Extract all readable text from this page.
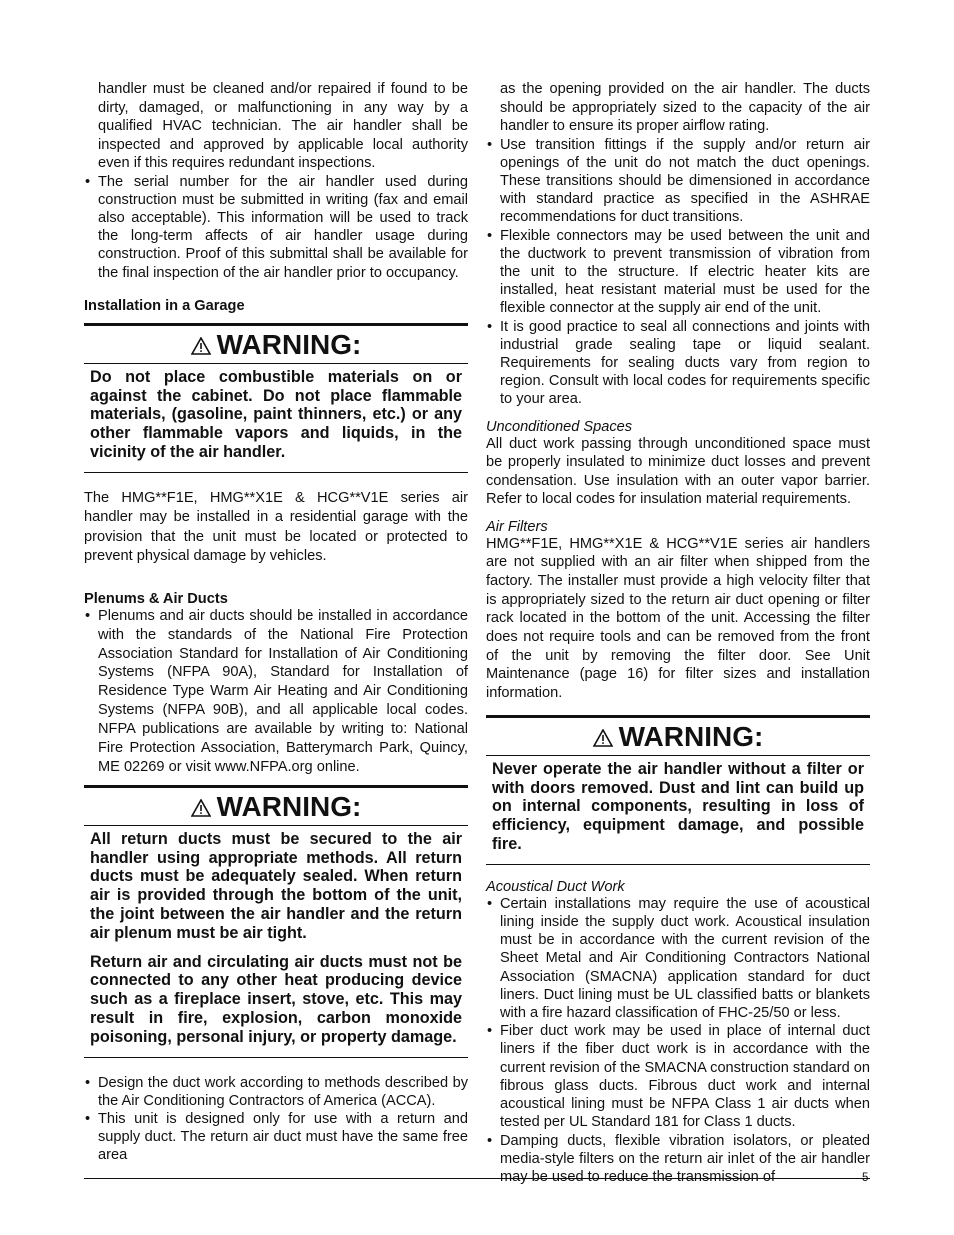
handler must be cleaned and/or repaired if found to be dirty, damaged, or malfunctioning in any way by a qualified HVAC technician. The air handler shall be inspected and approved by applicable local authority even if this requires redundant inspections.

• The serial number for the air handler used during construction must be submitted in writing (fax and email also acceptable). This information will be used to track the long-term affects of air handler usage during construction. Proof of this submittal shall be available for the final inspection of the air handler prior to occupancy.

Installation in a Garage

WARNING:

Do not place combustible materials on or against the cabinet. Do not place flammable materials, (gasoline, paint thinners, etc.) or any other flammable vapors and liquids, in the vicinity of the air handler.

The HMG**F1E, HMG**X1E & HCG**V1E series air handler may be installed in a residential garage with the provision that the unit must be located or protected to prevent physical damage by vehicles.

Plenums & Air Ducts

• Plenums and air ducts should be installed in accordance with the standards of the National Fire Protection Association Standard for Installation of Air Conditioning Systems (NFPA 90A), Standard for Installation of Residence Type Warm Air Heating and Air Conditioning Systems (NFPA 90B), and all applicable local codes. NFPA publications are available by writing to: National Fire Protection Association, Batterymarch Park, Quincy, ME 02269 or visit www.NFPA.org online.
WARNING:

All return ducts must be secured to the air handler using appropriate methods. All return ducts must be adequately sealed. When return air is provided through the bottom of the unit, the joint between the air handler and the return air plenum must be air tight.

Return air and circulating air ducts must not be connected to any other heat producing device such as a fireplace insert, stove, etc. This may result in fire, explosion, carbon monoxide poisoning, personal injury, or property damage.

• Design the duct work according to methods described by the Air Conditioning Contractors of America (ACCA).
• This unit is designed only for use with a return and supply duct. The return air duct must have the same free area

as the opening provided on the air handler. The ducts should be appropriately sized to the capacity of the air handler to ensure its proper airflow rating.

• Use transition fittings if the supply and/or return air openings of the unit do not match the duct openings. These transitions should be dimensioned in accordance with standard practice as specified in the ASHRAE recommendations for duct transitions.
• Flexible connectors may be used between the unit and the ductwork to prevent transmission of vibration from the unit to the structure. If electric heater kits are installed, heat resistant material must be used for the flexible connector at the supply air end of the unit.
• It is good practice to seal all connections and joints with industrial grade sealing tape or liquid sealant. Requirements for sealing ducts vary from region to region. Consult with local codes for requirements specific to your area.

Unconditioned Spaces

All duct work passing through unconditioned space must be properly insulated to minimize duct losses and prevent condensation. Use insulation with an outer vapor barrier. Refer to local codes for insulation material requirements.

Air Filters

HMG**F1E, HMG**X1E & HCG**V1E series air handlers are not supplied with an air filter when shipped from the factory. The installer must provide a high velocity filter that is appropriately sized to the return air duct opening or filter rack located in the bottom of the unit. Accessing the filter does not require tools and can be removed from the front of the unit by removing the filter door. See Unit Maintenance (page 16) for filter sizes and installation information.

WARNING:

Never operate the air handler without a filter or with doors removed. Dust and lint can build up on internal components, resulting in loss of efficiency, equipment damage, and possible fire.

Acoustical Duct Work

• Certain installations may require the use of acoustical lining inside the supply duct work. Acoustical insulation must be in accordance with the current revision of the Sheet Metal and Air Conditioning Contractors National Association (SMACNA) application standard for duct liners. Duct lining must be UL classified batts or blankets with a fire hazard classification of FHC-25/50 or less.
• Fiber duct work may be used in place of internal duct liners if the fiber duct work is in accordance with the current revision of the SMACNA construction standard on fibrous glass ducts. Fibrous duct work and internal acoustical lining must be NFPA Class 1 air ducts when tested per UL Standard 181 for Class 1 ducts.
• Damping ducts, flexible vibration isolators, or pleated media-style filters on the return air inlet of the air handler may be used to reduce the transmission of	5
